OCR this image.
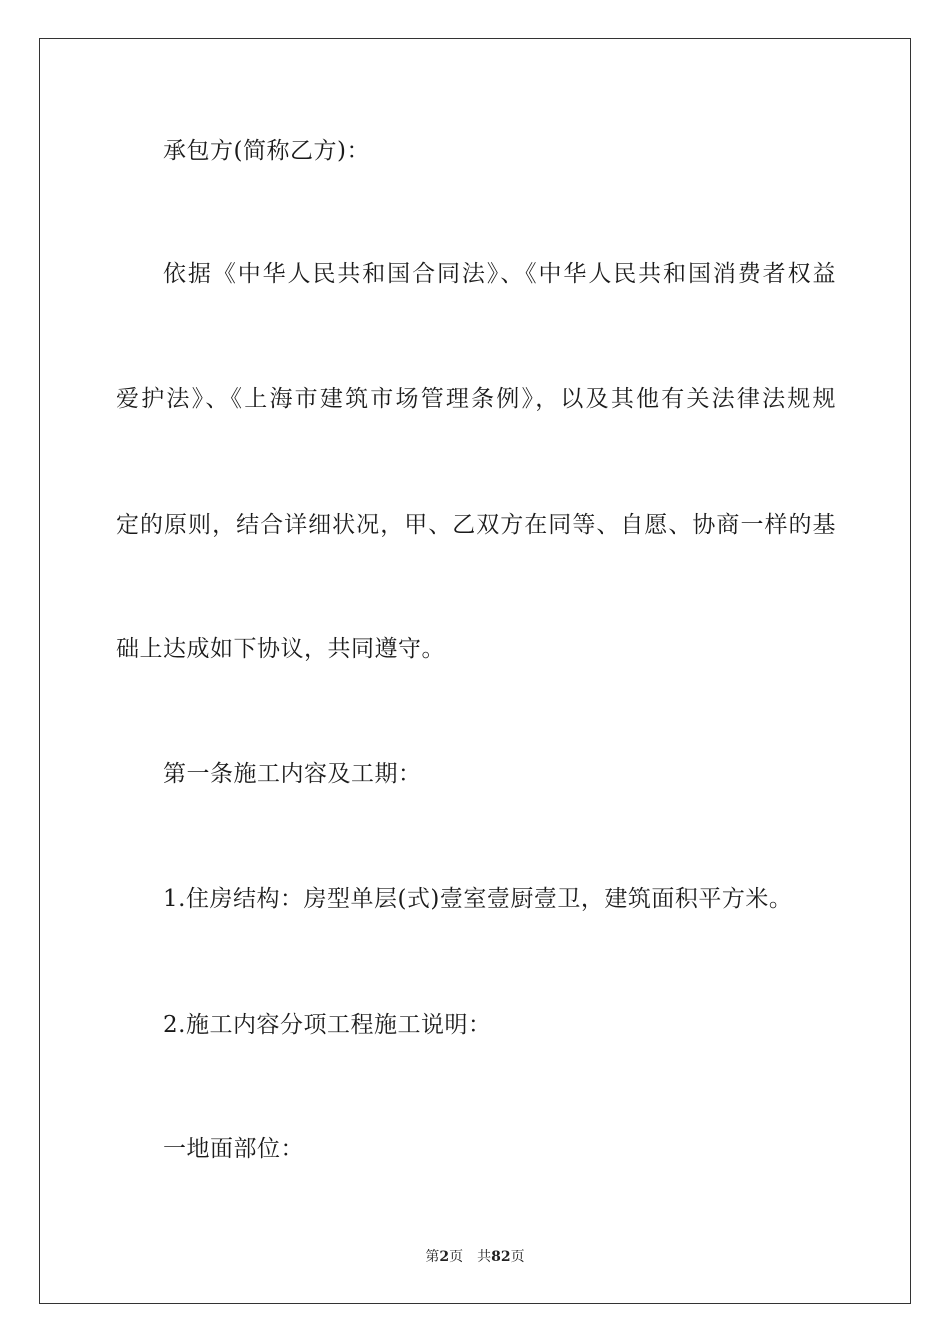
承包方(简称乙方)：
依据《中华人民共和国合同法》、《中华人民共和国消费者权益
爱护法》、《上海市建筑市场管理条例》，以及其他有关法律法规规
定的原则，结合详细状况，甲、乙双方在同等、自愿、协商一样的基
础上达成如下协议，共同遵守。
第一条施工内容及工期：
1.住房结构：房型单层(式)壹室壹厨壹卫，建筑面积平方米。
2.施工内容分项工程施工说明：
一地面部位：
第2页 共82页
